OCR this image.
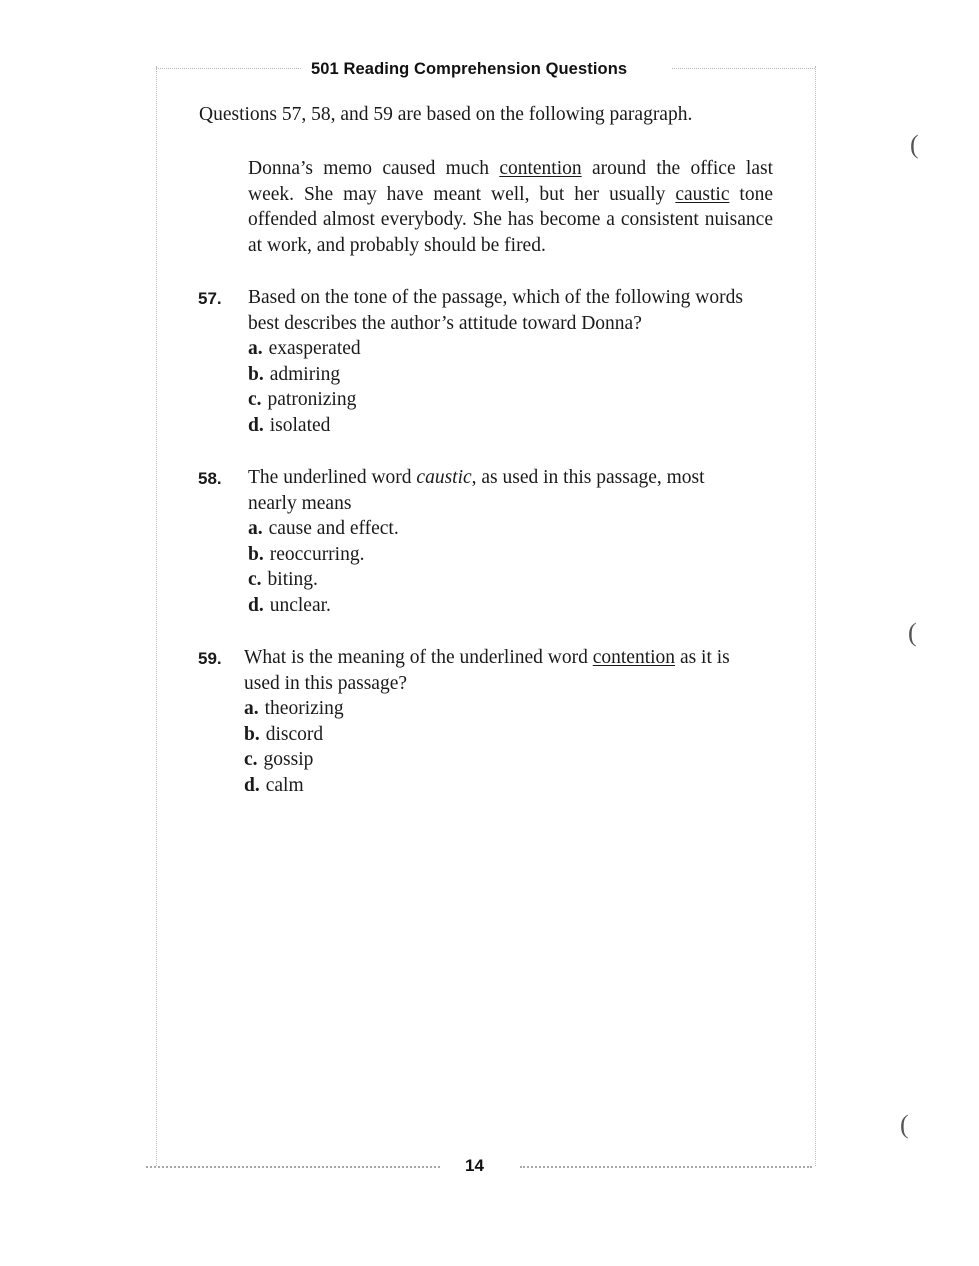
501 Reading Comprehension Questions
Questions 57, 58, and 59 are based on the following paragraph.

Donna’s memo caused much contention around the office last week. She may have meant well, but her usually caustic tone offended almost everybody. She has become a consistent nuisance at work, and probably should be fired.

57. Based on the tone of the passage, which of the following words best describes the author’s attitude toward Donna?

a. exasperated
b. admiring
c. patronizing
d. isolated
58. The underlined word caustic, as used in this passage, most nearly means

a. cause and effect.
b. reoccurring.
c. biting.
d. unclear.
59. What is the meaning of the underlined word contention as it is used in this passage?

a. theorizing
b. discord
c. gossip
d. calm
14
(
(
(
